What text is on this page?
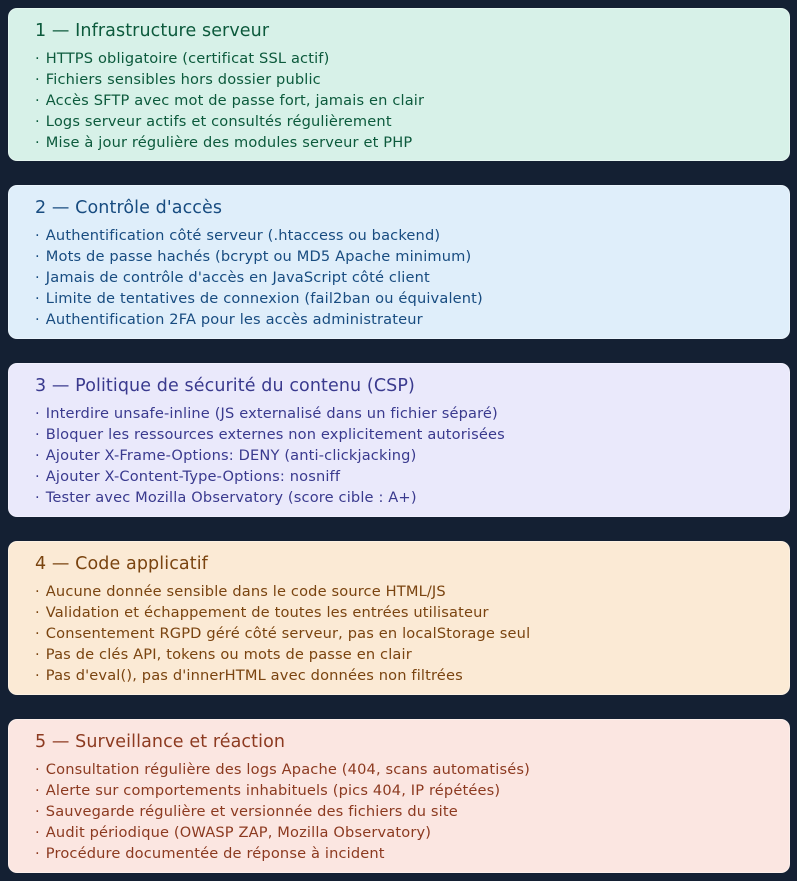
1 — Infrastructure serveur
· HTTPS obligatoire (certificat SSL actif)
· Fichiers sensibles hors dossier public
· Accès SFTP avec mot de passe fort, jamais en clair
· Logs serveur actifs et consultés régulièrement
· Mise à jour régulière des modules serveur et PHP
2 — Contrôle d'accès
· Authentification côté serveur (.htaccess ou backend)
· Mots de passe hachés (bcrypt ou MD5 Apache minimum)
· Jamais de contrôle d'accès en JavaScript côté client
· Limite de tentatives de connexion (fail2ban ou équivalent)
· Authentification 2FA pour les accès administrateur
3 — Politique de sécurité du contenu (CSP)
· Interdire unsafe-inline (JS externalisé dans un fichier séparé)
· Bloquer les ressources externes non explicitement autorisées
· Ajouter X-Frame-Options: DENY (anti-clickjacking)
· Ajouter X-Content-Type-Options: nosniff
· Tester avec Mozilla Observatory (score cible : A+)
4 — Code applicatif
· Aucune donnée sensible dans le code source HTML/JS
· Validation et échappement de toutes les entrées utilisateur
· Consentement RGPD géré côté serveur, pas en localStorage seul
· Pas de clés API, tokens ou mots de passe en clair
· Pas d'eval(), pas d'innerHTML avec données non filtrées
5 — Surveillance et réaction
· Consultation régulière des logs Apache (404, scans automatisés)
· Alerte sur comportements inhabituels (pics 404, IP répétées)
· Sauvegarde régulière et versionnée des fichiers du site
· Audit périodique (OWASP ZAP, Mozilla Observatory)
· Procédure documentée de réponse à incident
